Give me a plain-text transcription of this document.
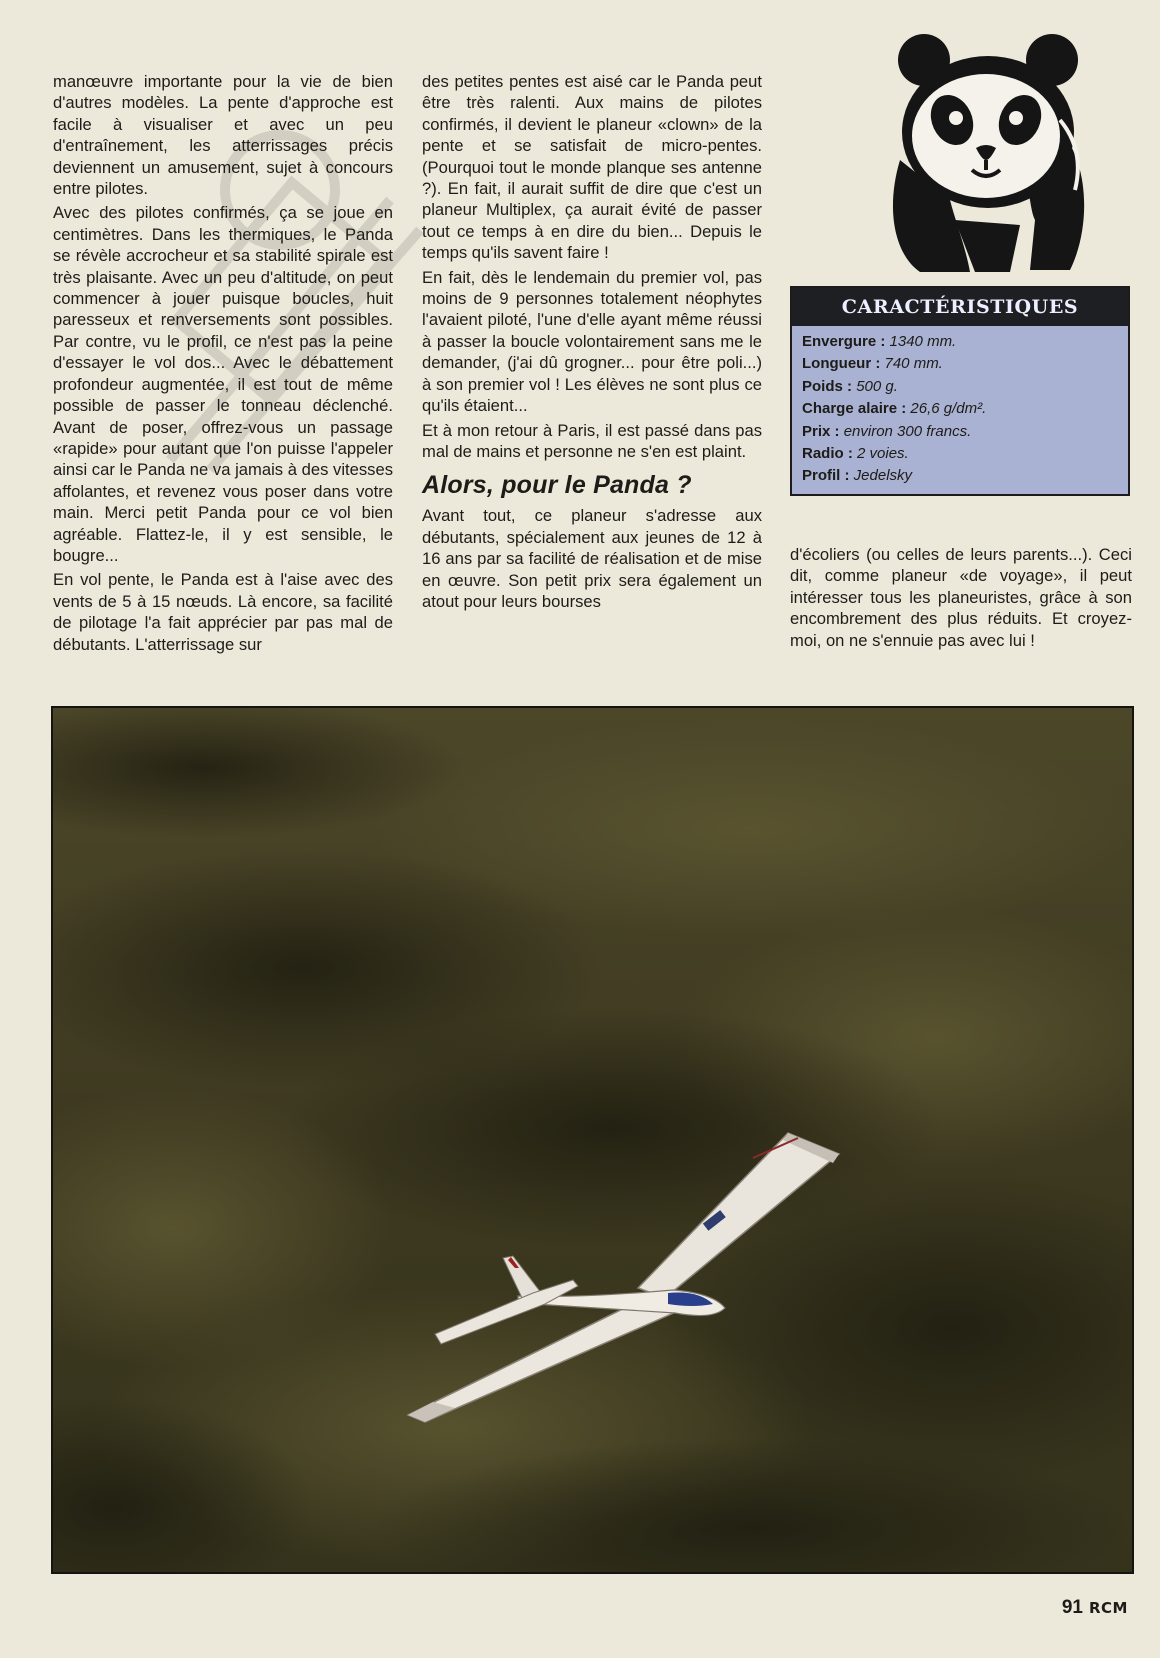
manœuvre importante pour la vie de bien d'autres modèles. La pente d'approche est facile à visualiser et avec un peu d'entraînement, les atterrissages précis deviennent un amusement, sujet à concours entre pilotes.

Avec des pilotes confirmés, ça se joue en centimètres. Dans les thermiques, le Panda se révèle accrocheur et sa stabilité spirale est très plaisante. Avec un peu d'altitude, on peut commencer à jouer puisque boucles, huit paresseux et renversements sont possibles. Par contre, vu le profil, ce n'est pas la peine d'essayer le vol dos... Avec le débattement profondeur augmentée, il est tout de même possible de passer le tonneau déclenché. Avant de poser, offrez-vous un passage «rapide» pour autant que l'on puisse l'appeler ainsi car le Panda ne va jamais à des vitesses affolantes, et revenez vous poser dans votre main. Merci petit Panda pour ce vol bien agréable. Flattez-le, il y est sensible, le bougre...

En vol pente, le Panda est à l'aise avec des vents de 5 à 15 nœuds. Là encore, sa facilité de pilotage l'a fait apprécier par pas mal de débutants. L'atterrissage sur

des petites pentes est aisé car le Panda peut être très ralenti. Aux mains de pilotes confirmés, il devient le planeur «clown» de la pente et se satisfait de micro-pentes. (Pourquoi tout le monde planque ses antenne ?). En fait, il aurait suffit de dire que c'est un planeur Multiplex, ça aurait évité de passer tout ce temps à en dire du bien... Depuis le temps qu'ils savent faire !

En fait, dès le lendemain du premier vol, pas moins de 9 personnes totalement néophytes l'avaient piloté, l'une d'elle ayant même réussi à passer la boucle volontairement sans me le demander, (j'ai dû grogner... pour être poli...) à son premier vol ! Les élèves ne sont plus ce qu'ils étaient...

Et à mon retour à Paris, il est passé dans pas mal de mains et personne ne s'en est plaint.

Alors, pour le Panda ?

Avant tout, ce planeur s'adresse aux débutants, spécialement aux jeunes de 12 à 16 ans par sa facilité de réalisation et de mise en œuvre. Son petit prix sera également un atout pour leurs bourses

d'écoliers (ou celles de leurs parents...). Ceci dit, comme planeur «de voyage», il peut intéresser tous les planeuristes, grâce à son encombrement des plus réduits. Et croyez-moi, on ne s'ennuie pas avec lui !

CARACTÉRISTIQUES
Envergure : 1340 mm.
Longueur : 740 mm.
Poids : 500 g.
Charge alaire : 26,6 g/dm².
Prix : environ 300 francs.
Radio : 2 voies.
Profil : Jedelsky
91 RCM
